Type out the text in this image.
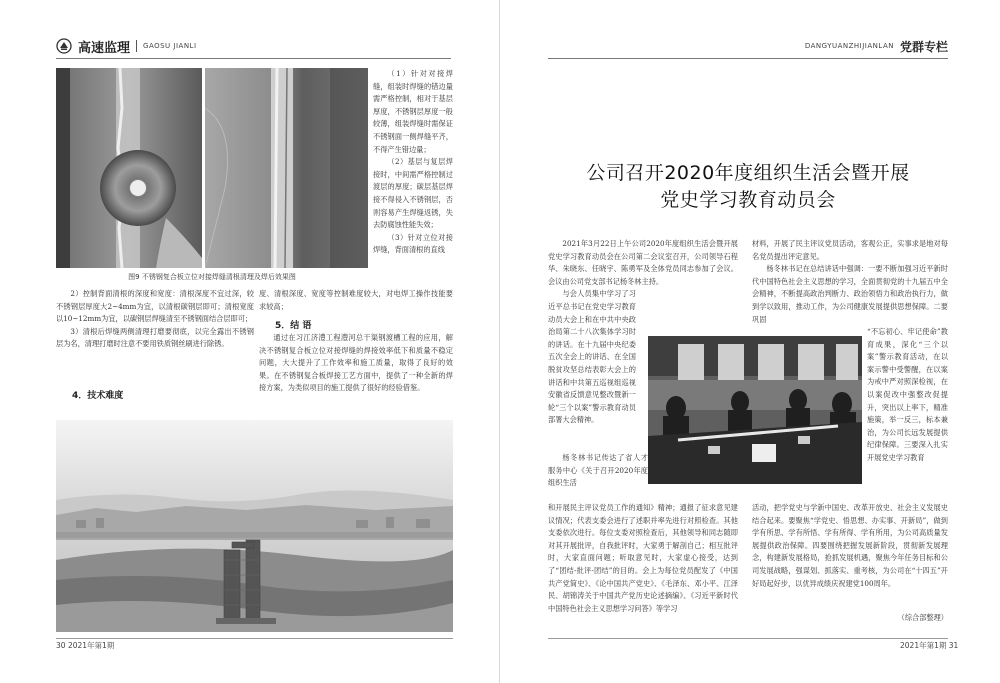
高速监理 GAOSU JIANLI
图9 不锈钢复合板立位对接焊缝清根清理及焊后效果图

（1）针对对接焊缝，组装时焊缝的错边量需严格控制，相对于基层厚度，不锈钢层厚度一般较薄，组装焊缝时需保证不锈钢面一侧焊缝平齐，不得产生错边量；

（2）基层与复层焊接时，中间需严格控制过渡层的厚度；碳层基层焊接不得侵入不锈钢层，否则容易产生焊缝返锈，失去防腐蚀性能失效；

（3）针对立位对接焊缝，背面清根的直线

2）控制背面清根的深度和宽度：清根深度不宜过深，较不锈钢层厚度大2~4mm为宜，以清根碳钢层即可；清根宽度以10~12mm为宜，以碳钢层焊缝清至不锈钢面结合层即可；

3）清根后焊缝两侧清理打磨要彻底，以完全露出不锈钢层为名，清理打磨时注意不要用铁质钢丝刷进行除锈。

4．技术难度

度、清根深度、宽度等控制难度较大，对电焊工操作技能要求较高；

5．结 语

通过在习江济澧工程澧河总干渠钢渡槽工程的应用，解决不锈钢复合板立位对接焊缝的焊接效率低下和质量不稳定问题，大大提升了工作效率和施工质量，取得了良好的效果。在不锈钢复合板焊接工艺方面中，提供了一种全新的焊接方案，为类似项目的施工提供了很好的经验借鉴。

30 2021年第1期
DANGYUANZHIJIANLAN 党群专栏
公司召开2020年度组织生活会暨开展
党史学习教育动员会

2021年3月22日上午公司2020年度组织生活会暨开展党史学习教育动员会在公司第二会议室召开，公司领导石程华、朱晓东、任晓宇、陈勇军及全体党员同志参加了会议。会议由公司党支部书记杨冬林主持。

与会人员集中学习了习近平总书记在党史学习教育动员大会上和在中共中央政治局第二十八次集体学习时的讲话。在十九届中央纪委五次全会上的讲话、在全国脱贫攻坚总结表彰大会上的讲话和中共第五巡视组巡视安徽省反馈意见整改暨新一轮“三个以案”警示教育动员部署大会精神。

杨冬林书记传达了省人才服务中心《关于召开2020年度组织生活

和开展民主评议党员工作的通知》精神；通报了征求意见建议情况；代表支委会进行了述职并率先进行对照检查。其他支委依次进行。每位支委对照检查后，其他领导和同志随即对其开展批评，自我批评时，大家勇于解剖自己；相互批评时，大家直面问题；听取意见时，大家虚心接受，达到了“团结-批评-团结”的目的。会上为每位党员配发了《中国共产党简史》、《论中国共产党史》、《毛泽东、邓小平、江泽民、胡锦涛关于中国共产党历史论述摘编》、《习近平新时代中国特色社会主义思想学习问答》等学习

材料，开展了民主评议党员活动，客观公正，实事求是地对每名党员提出评定意见。

杨冬林书记在总结讲话中强调：一要不断加强习近平新时代中国特色社会主义思想的学习，全面贯彻党的十九届五中全会精神，不断提高政治判断力、政治领悟力和政治执行力，做到学以致用，推动工作，为公司健康发展提供思想保障。二要巩固

“不忘初心、牢记使命”教育成果，深化“三个以案”警示教育活动，在以案示警中受警醒，在以案为戒中严对照深检视，在以案促改中强整改促提升，突出以上率下，精准施策，举一反三，标本兼治，为公司长远发展提供纪律保障。三要深入扎实开展党史学习教育

活动，把学党史与学新中国史、改革开放史、社会主义发展史结合起来。要聚焦“学党史、悟思想、办实事、开新局”，做到学有所思、学有所悟、学有所得、学有所用，为公司高质量发展提供政治保障。四要围绕把握发展新阶段，贯彻新发展理念，构建新发展格局，抢抓发展机遇，聚焦今年任务目标和公司发展战略，强谋划、抓落实、重考核，为公司在“十四五”开好局起好步，以优异成绩庆祝建党100周年。

（综合部整理）

2021年第1期 31
